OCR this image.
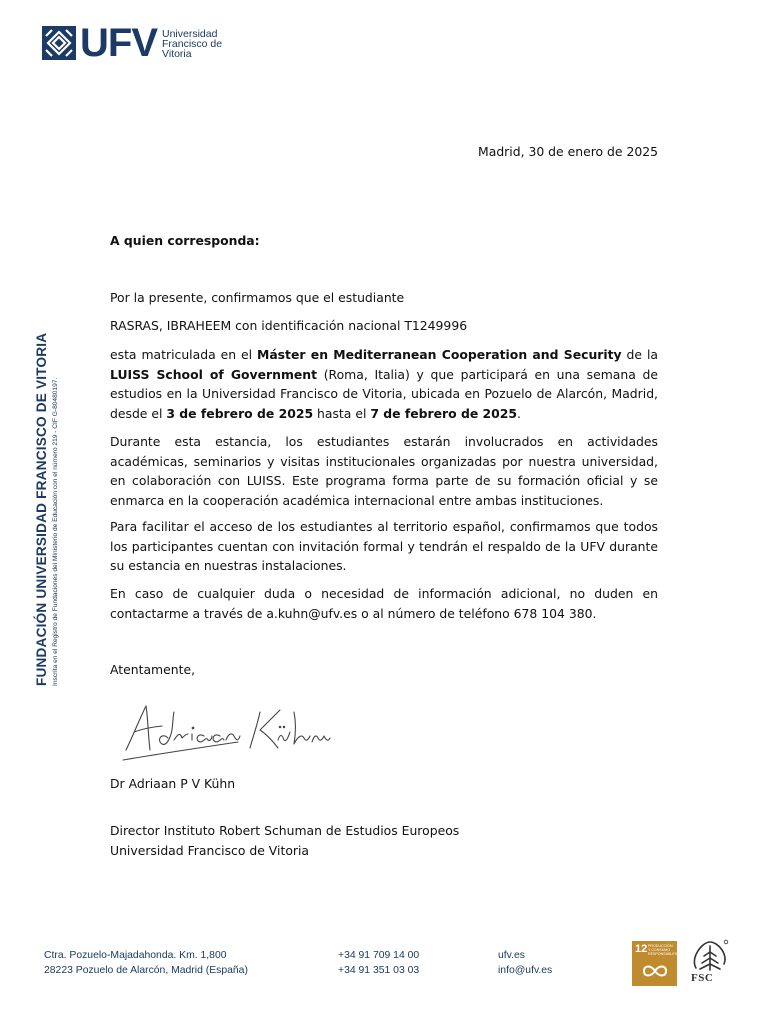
UFV Universidad
Francisco de
Vitoria
FUNDACIÓN UNIVERSIDAD FRANCISCO DE VITORIA Inscrita en el Registro de Fundaciones del Ministerio de Educación con el número 219 - CIF G-80480197.
Madrid, 30 de enero de 2025
A quien corresponda:
Por la presente, confirmamos que el estudiante
RASRAS, IBRAHEEM con identificación nacional T1249996
esta matriculada en el Máster en Mediterranean Cooperation and Security de la LUISS School of Government (Roma, Italia) y que participará en una semana de estudios en la Universidad Francisco de Vitoria, ubicada en Pozuelo de Alarcón, Madrid, desde el 3 de febrero de 2025 hasta el 7 de febrero de 2025.
Durante esta estancia, los estudiantes estarán involucrados en actividades académicas, seminarios y visitas institucionales organizadas por nuestra universidad, en colaboración con LUISS. Este programa forma parte de su formación oficial y se enmarca en la cooperación académica internacional entre ambas instituciones.
Para facilitar el acceso de los estudiantes al territorio español, confirmamos que todos los participantes cuentan con invitación formal y tendrán el respaldo de la UFV durante su estancia en nuestras instalaciones.
En caso de cualquier duda o necesidad de información adicional, no duden en contactarme a través de a.kuhn@ufv.es o al número de teléfono 678 104 380.
Atentamente,
Dr Adriaan P V Kühn
Director Instituto Robert Schuman de Estudios Europeos
Universidad Francisco de Vitoria
Ctra. Pozuelo-Majadahonda. Km. 1,800
28223 Pozuelo de Alarcón, Madrid (España)
+34 91 709 14 00
+34 91 351 03 03
ufv.es
info@ufv.es
12 PRODUCCIÓN Y CONSUMO RESPONSABLES
FSC
